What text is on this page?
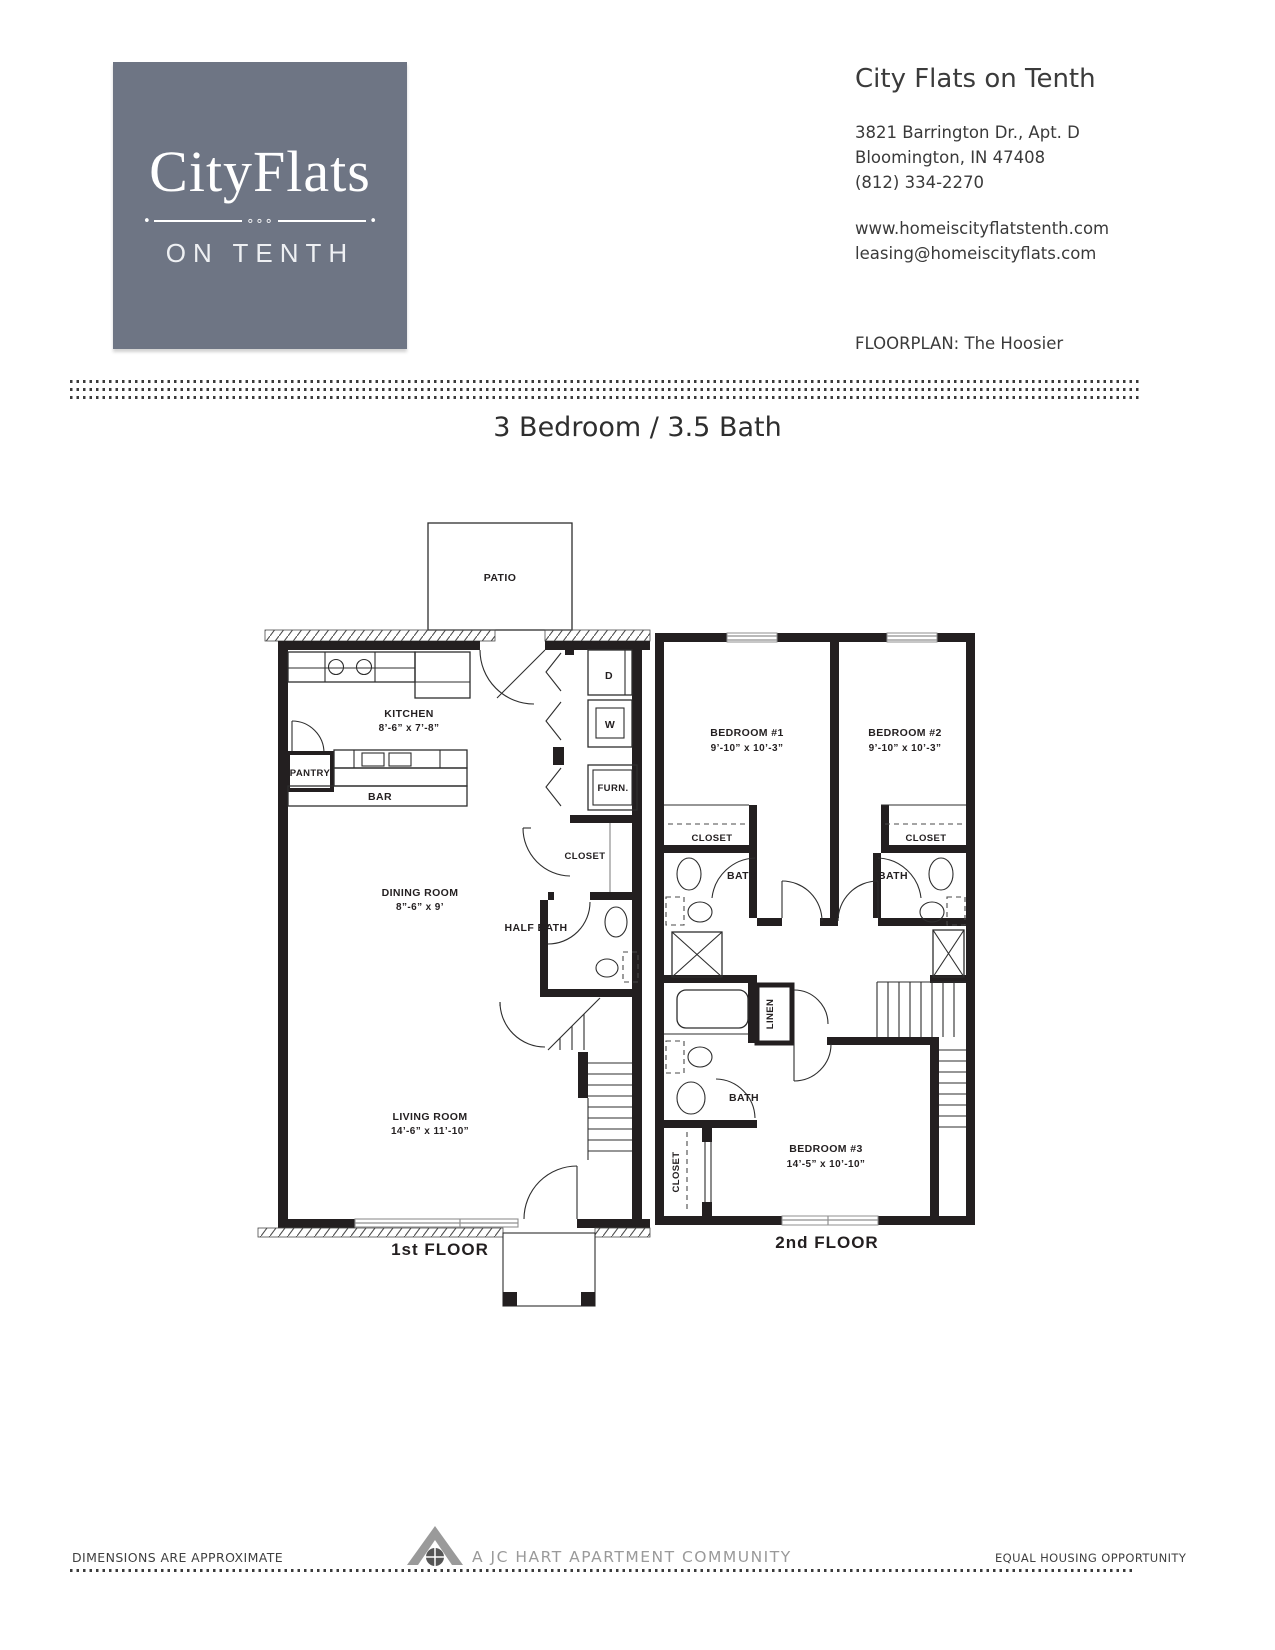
CityFlats
•	∘∘∘	•
ON TENTH
City Flats on Tenth
3821 Barrington Dr., Apt. D
Bloomington, IN 47408
(812) 334-2270
www.homeiscityflatstenth.com
leasing@homeiscityflats.com
FLOORPLAN: The Hoosier
3 Bedroom / 3.5 Bath
PATIO
KITCHEN
8’-6” x 7’-8”
PANTRY
BAR
DINING ROOM
8”-6” x 9’
CLOSET
HALF BATH
FURN.
D
W
LIVING ROOM
14’-6” x 11’-10”
1st FLOOR
BEDROOM #1
9’-10” x 10’-3”
BEDROOM #2
9’-10” x 10’-3”
CLOSET	CLOSET
BATH	BATH
LINEN
BATH
CLOSET
BEDROOM #3
14’-5” x 10’-10”
2nd FLOOR
DIMENSIONS ARE APPROXIMATE	A JC HART APARTMENT COMMUNITY	EQUAL HOUSING OPPORTUNITY
